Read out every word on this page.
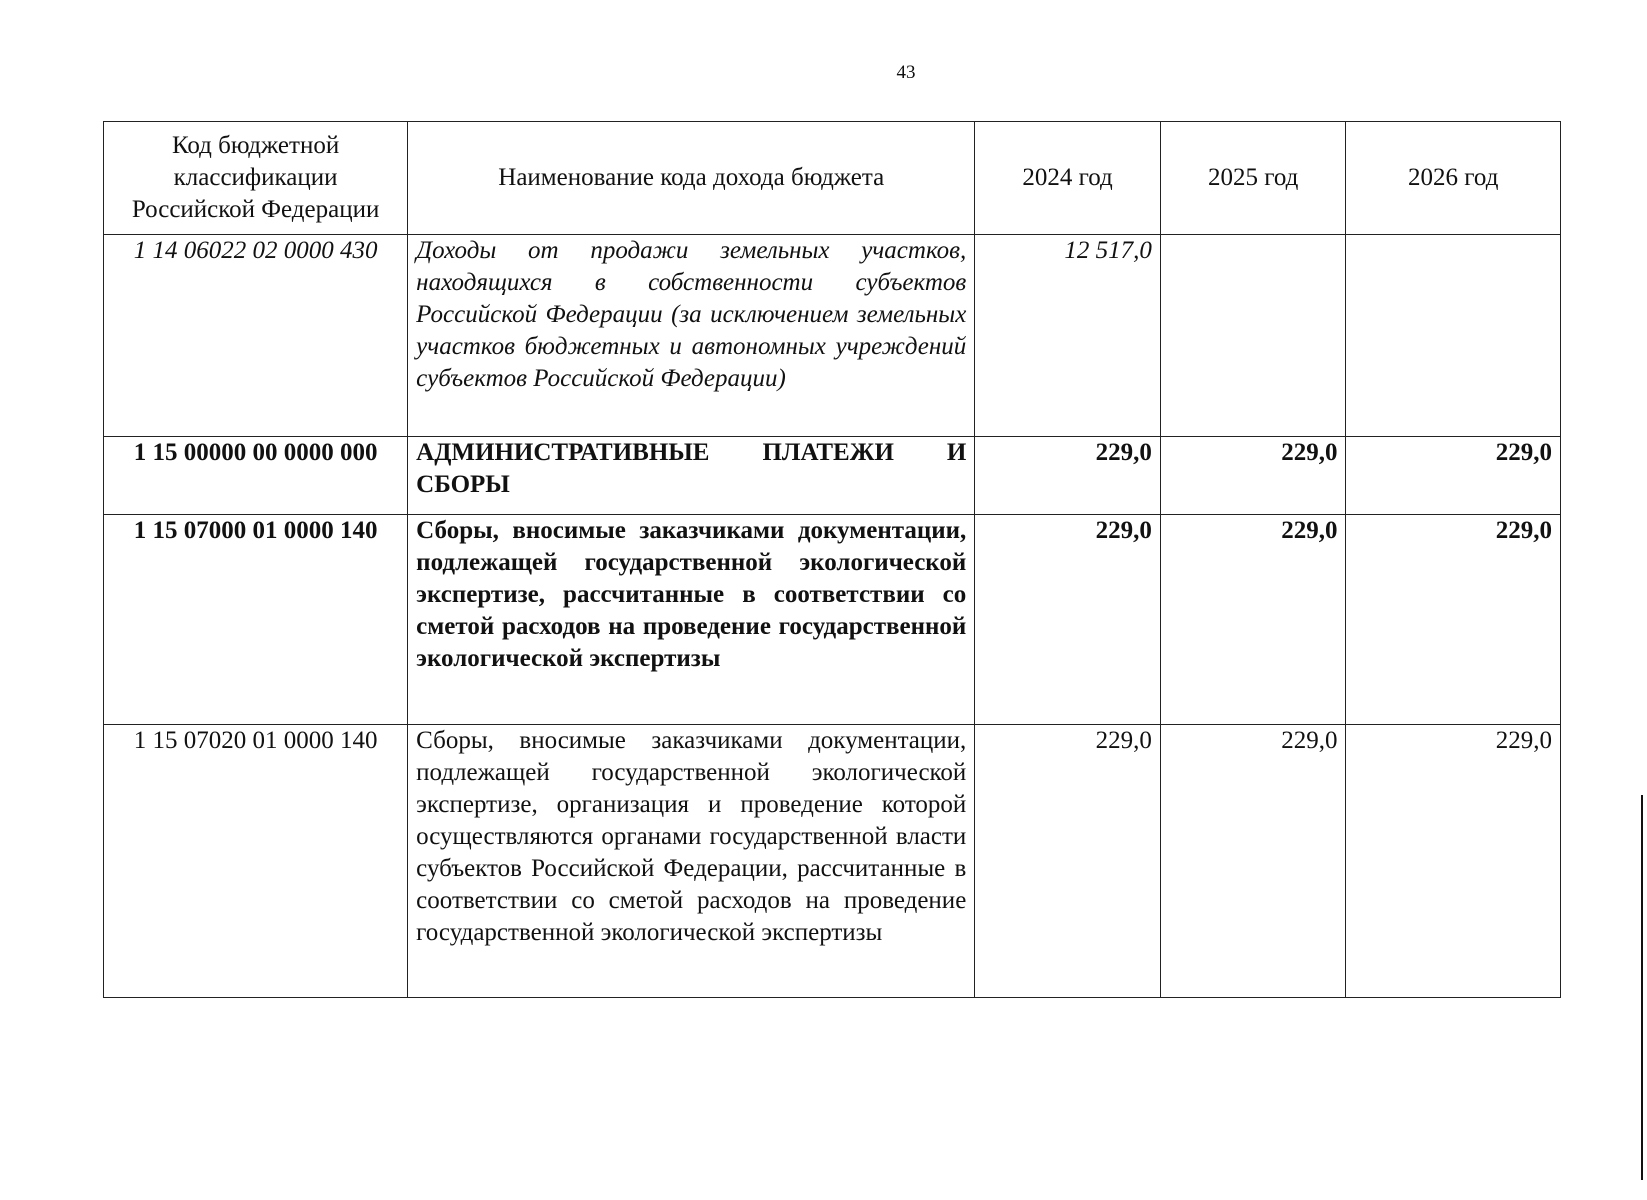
43
Код бюджетной классификации Российской Федерации	Наименование кода дохода бюджета	2024 год	2025 год	2026 год
1 14 06022 02 0000 430	Доходы от продажи земельных участков, находящихся в собственности субъектов Российской Федерации (за исключением земельных участков бюджетных и автономных учреждений субъектов Российской Федерации)	12 517,0		
1 15 00000 00 0000 000	АДМИНИСТРАТИВНЫЕ ПЛАТЕЖИ И СБОРЫ	229,0	229,0	229,0
1 15 07000 01 0000 140	Сборы, вносимые заказчиками документации, подлежащей государственной экологической экспертизе, рассчитанные в соответствии со сметой расходов на проведение государственной экологической экспертизы	229,0	229,0	229,0
1 15 07020 01 0000 140	Сборы, вносимые заказчиками документации, подлежащей государственной экологической экспертизе, организация и проведение которой осуществляются органами государственной власти субъектов Российской Федерации, рассчитанные в соответствии со сметой расходов на проведение государственной экологической экспертизы	229,0	229,0	229,0
